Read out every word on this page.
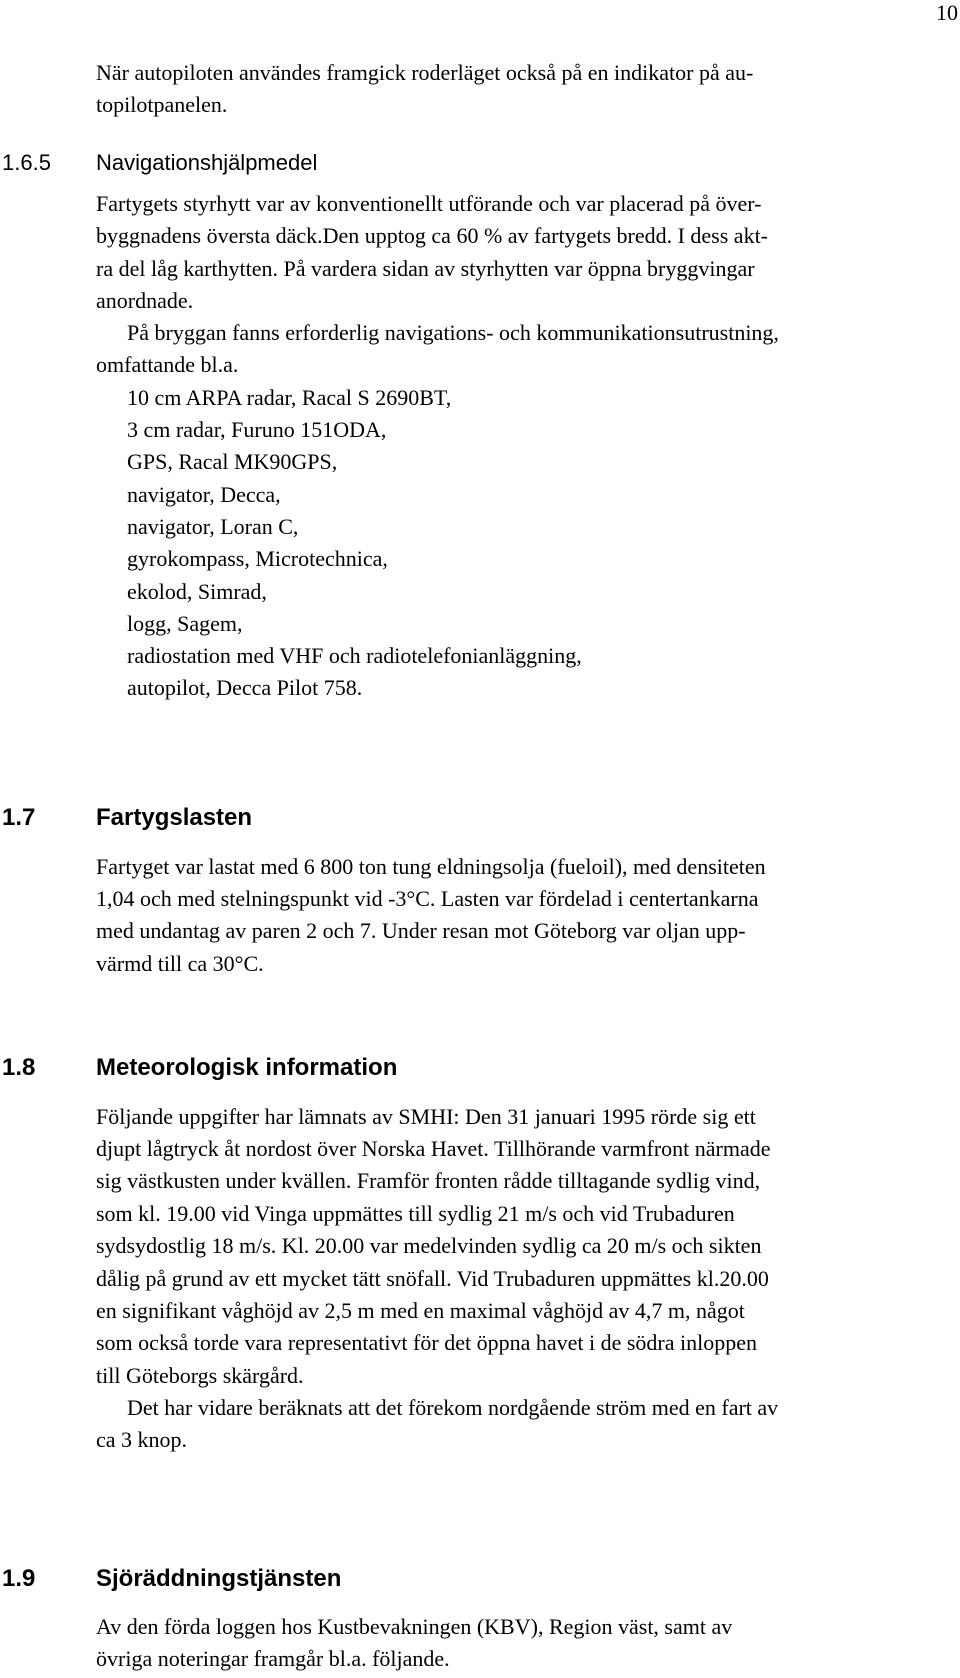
10
När autopiloten användes framgick roderläget också på en indikator på au-
topilotpanelen.
1.6.5 Navigationshjälpmedel
Fartygets styrhytt var av konventionellt utförande och var placerad på över-
byggnadens översta däck.Den upptog ca 60 % av fartygets bredd. I dess akt-
ra del låg karthytten. På vardera sidan av styrhytten var öppna bryggvingar
anordnade.
På bryggan fanns erforderlig navigations- och kommunikationsutrustning,
omfattande bl.a.
10 cm ARPA radar, Racal S 2690BT,
3 cm radar, Furuno 151ODA,
GPS, Racal MK90GPS,
navigator, Decca,
navigator, Loran C,
gyrokompass, Microtechnica,
ekolod, Simrad,
logg, Sagem,
radiostation med VHF och radiotelefonianläggning,
autopilot, Decca Pilot 758.
1.7	Fartygslasten
Fartyget var lastat med 6 800 ton tung eldningsolja (fueloil), med densiteten
1,04 och med stelningspunkt vid -3°C. Lasten var fördelad i centertankarna
med undantag av paren 2 och 7. Under resan mot Göteborg var oljan upp-
värmd till ca 30°C.
1.8	Meteorologisk information
Följande uppgifter har lämnats av SMHI: Den 31 januari 1995 rörde sig ett
djupt lågtryck åt nordost över Norska Havet. Tillhörande varmfront närmade
sig västkusten under kvällen. Framför fronten rådde tilltagande sydlig vind,
som kl. 19.00 vid Vinga uppmättes till sydlig 21 m/s och vid Trubaduren
sydsydostlig 18 m/s. Kl. 20.00 var medelvinden sydlig ca 20 m/s och sikten
dålig på grund av ett mycket tätt snöfall. Vid Trubaduren uppmättes kl.20.00
en signifikant våghöjd av 2,5 m med en maximal våghöjd av 4,7 m, något
som också torde vara representativt för det öppna havet i de södra inloppen
till Göteborgs skärgård.
Det har vidare beräknats att det förekom nordgående ström med en fart av
ca 3 knop.
1.9	Sjöräddningstjänsten
Av den förda loggen hos Kustbevakningen (KBV), Region väst, samt av
övriga noteringar framgår bl.a. följande.
